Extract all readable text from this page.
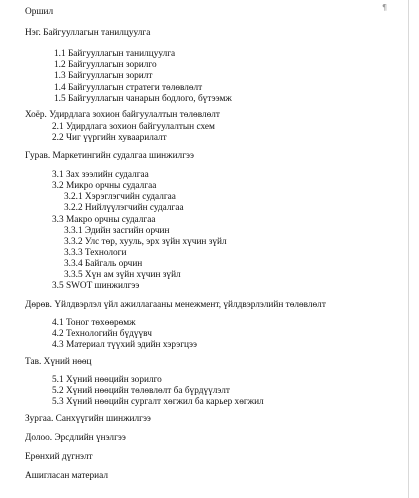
¶
Оршил
Нэг. Байгууллагын танилцуулга
1.1 Байгууллагын танилцуулга
1.2 Байгууллагын зорилго
1.3 Байгууллагын зорилт
1.4 Байгууллагын стратеги төлөвлөлт
1.5 Байгууллагын чанарын бодлого, бүтээмж
Хоёр. Удирдлага зохион байгуулалтын төлөвлөлт
2.1 Удирдлага зохион байгуулалтын схем
2.2 Чиг үүргийн хуваарилалт
Гурав. Маркетингийн судалгаа шинжилгээ
3.1 Зах зээлийн судалгаа
3.2 Микро орчны судалгаа
3.2.1 Хэрэглэгчийн судалгаа
3.2.2 Нийлүүлэгчийн судалгаа
3.3 Макро орчны судалгаа
3.3.1 Эдийн засгийн орчин
3.3.2 Улс төр, хууль, эрх зүйн хүчин зүйл
3.3.3 Технологи
3.3.4 Байгаль орчин
3.3.5 Хүн ам зүйн хүчин зүйл
3.5 SWOT шинжилгээ
Дөрөв. Үйлдвэрлэл үйл ажиллагааны менежмент, үйлдвэрлэлийн төлөвлөлт
4.1 Тоног төхөөрөмж
4.2 Технологийн бүдүүвч
4.3 Материал түүхий эдийн хэрэгцээ
Тав. Хүний нөөц
5.1 Хүний нөөцийн зорилго
5.2 Хүний нөөцийн төлөвлөлт ба бүрдүүлэлт
5.3 Хүний нөөцийн сургалт хөгжил ба карьер хөгжил
Зургаа. Санхүүгийн шинжилгээ
Долоо. Эрсдлийн үнэлгээ
Ерөнхий дүгнэлт
Ашигласан материал
